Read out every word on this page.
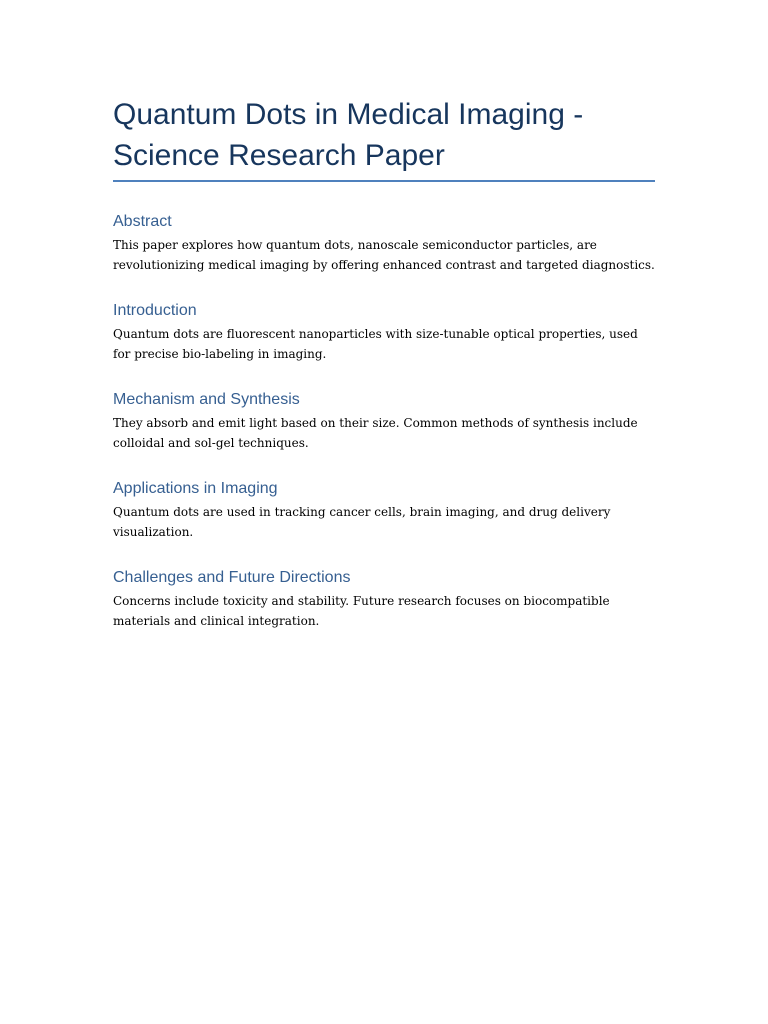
Quantum Dots in Medical Imaging - Science Research Paper
Abstract

This paper explores how quantum dots, nanoscale semiconductor particles, are revolutionizing medical imaging by offering enhanced contrast and targeted diagnostics.

Introduction

Quantum dots are fluorescent nanoparticles with size-tunable optical properties, used for precise bio-labeling in imaging.

Mechanism and Synthesis

They absorb and emit light based on their size. Common methods of synthesis include colloidal and sol-gel techniques.

Applications in Imaging

Quantum dots are used in tracking cancer cells, brain imaging, and drug delivery visualization.

Challenges and Future Directions

Concerns include toxicity and stability. Future research focuses on biocompatible materials and clinical integration.
